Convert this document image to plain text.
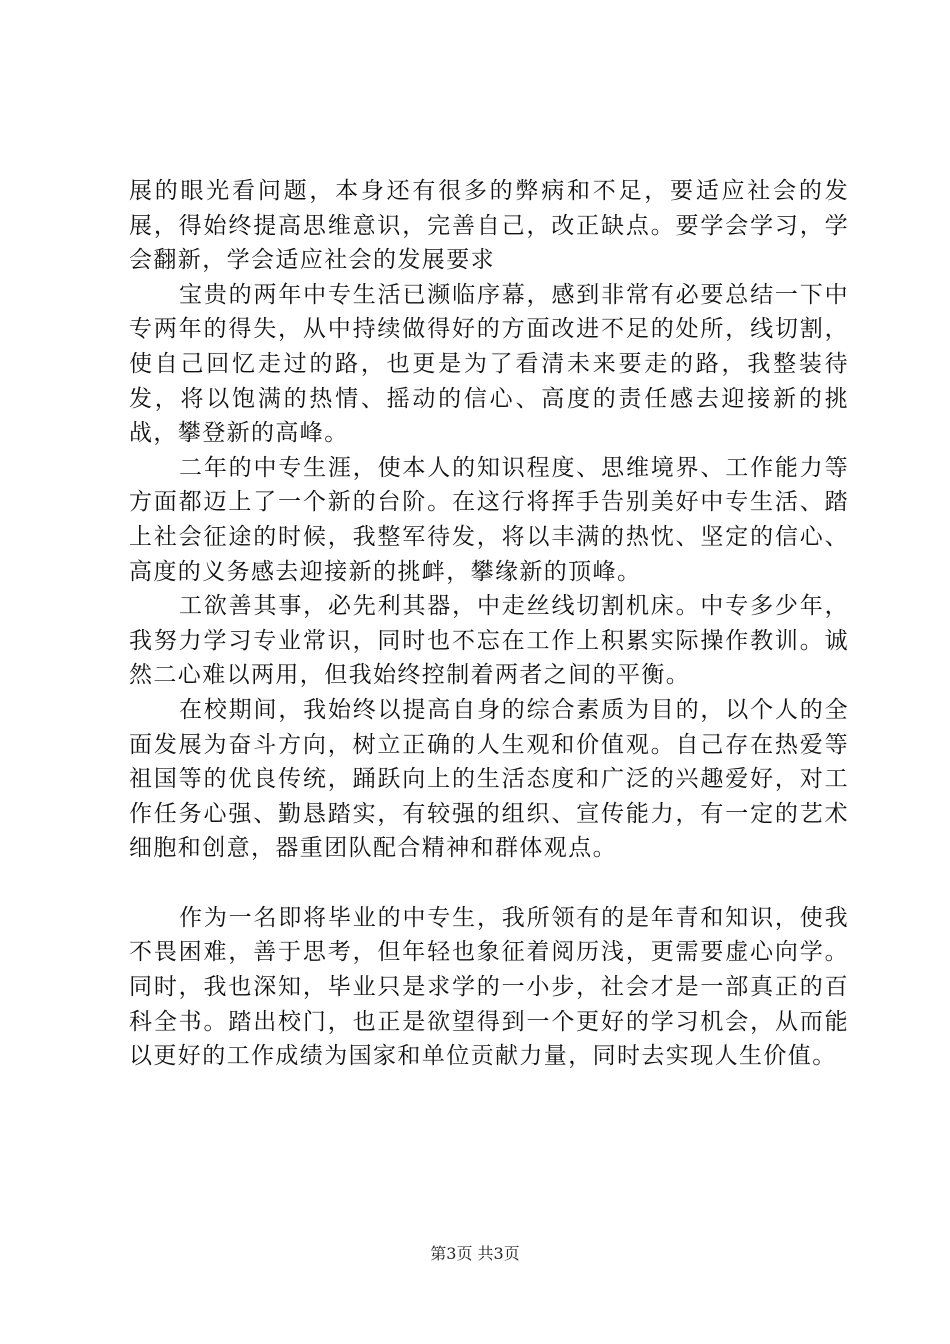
展的眼光看问题，本身还有很多的弊病和不足，要适应社会的发展，得始终提高思维意识，完善自己，改正缺点。要学会学习，学会翻新，学会适应社会的发展要求

宝贵的两年中专生活已濒临序幕，感到非常有必要总结一下中专两年的得失，从中持续做得好的方面改进不足的处所，线切割，使自己回忆走过的路，也更是为了看清未来要走的路，我整装待发，将以饱满的热情、摇动的信心、高度的责任感去迎接新的挑战，攀登新的高峰。

二年的中专生涯，使本人的知识程度、思维境界、工作能力等方面都迈上了一个新的台阶。在这行将挥手告别美好中专生活、踏上社会征途的时候，我整军待发，将以丰满的热忱、坚定的信心、高度的义务感去迎接新的挑衅，攀缘新的顶峰。

工欲善其事，必先利其器，中走丝线切割机床。中专多少年，我努力学习专业常识，同时也不忘在工作上积累实际操作教训。诚然二心难以两用，但我始终控制着两者之间的平衡。

在校期间，我始终以提高自身的综合素质为目的，以个人的全面发展为奋斗方向，树立正确的人生观和价值观。自己存在热爱等祖国等的优良传统，踊跃向上的生活态度和广泛的兴趣爱好，对工作任务心强、勤恳踏实，有较强的组织、宣传能力，有一定的艺术细胞和创意，器重团队配合精神和群体观点。

作为一名即将毕业的中专生，我所领有的是年青和知识，使我不畏困难，善于思考，但年轻也象征着阅历浅，更需要虚心向学。同时，我也深知，毕业只是求学的一小步，社会才是一部真正的百科全书。踏出校门，也正是欲望得到一个更好的学习机会，从而能以更好的工作成绩为国家和单位贡献力量，同时去实现人生价值。

第3页 共3页
